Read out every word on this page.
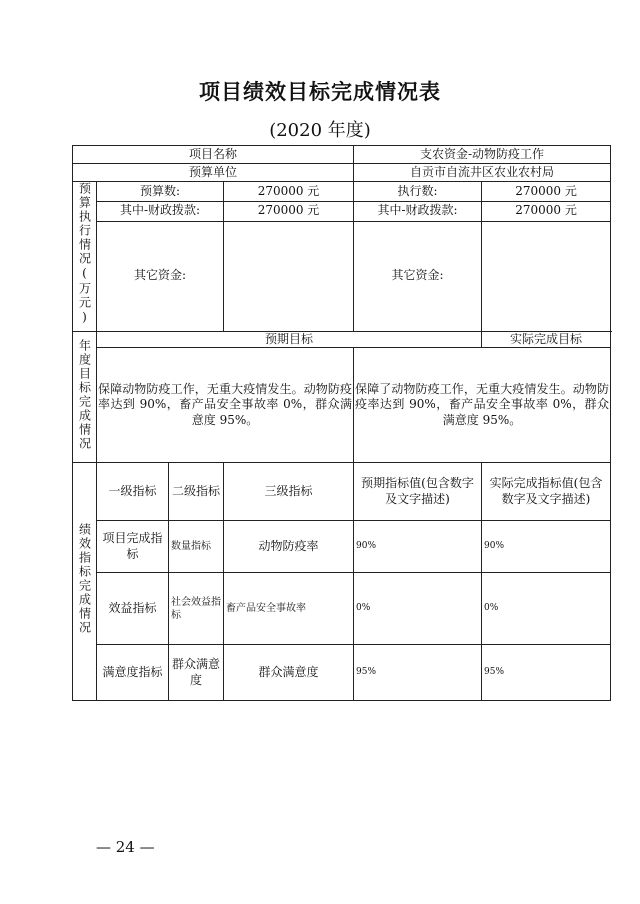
项目绩效目标完成情况表
(2020 年度)
项目名称				支农资金-动物防疫工作	
预算单位				自贡市自流井区农业农村局	
预算执行情况(万元)	预算数:		270000 元	执行数:	270000 元
	其中-财政拨款:		270000 元	其中-财政拨款:	270000 元
	其它资金:			其它资金:	

年度目标完成情况	预期目标				实际完成目标
	保障动物防疫工作，无重大疫情发生。动物防疫率达到 90%，畜产品安全事故率 0%，群众满意度 95%。			保障了动物防疫工作，无重大疫情发生。动物防疫率达到 90%，畜产品安全事故率 0%，群众满意度 95%。	
绩效指标完成情况	一级指标	二级指标	三级指标	预期指标值(包含数字及文字描述)	实际完成指标值(包含数字及文字描述)
	项目完成指标	数量指标	动物防疫率	90%	90%
	效益指标	社会效益指标	畜产品安全事故率	0%	0%
	满意度指标	群众满意度	群众满意度	95%	95%
— 24 —
